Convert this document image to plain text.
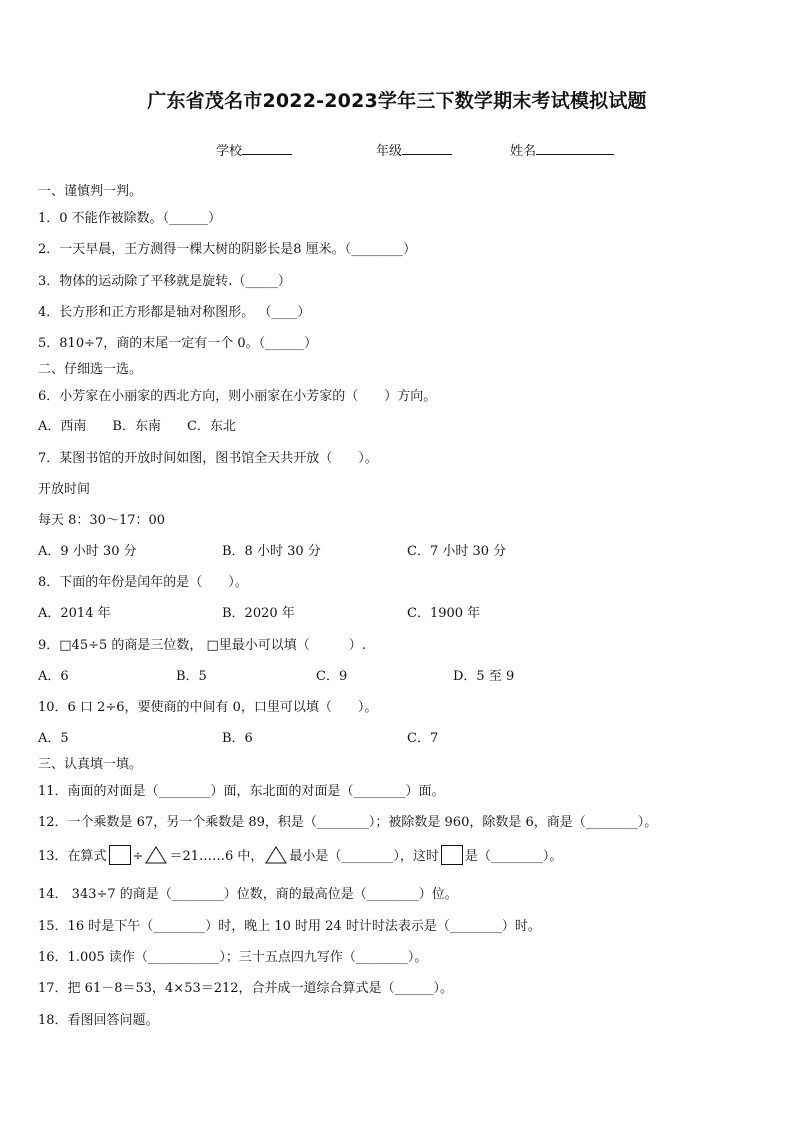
广东省茂名市2022-2023学年三下数学期末考试模拟试题
学校	年级	姓名
一、谨慎判一判。
1．0 不能作被除数。（______）
2．一天早晨，王方测得一棵大树的阴影长是8 厘米。（________）
3．物体的运动除了平移就是旋转.（_____）
4．长方形和正方形都是轴对称图形。 （____）
5．810÷7，商的末尾一定有一个 0。（______）
二、仔细选一选。
6．小芳家在小丽家的西北方向，则小丽家在小芳家的（　　）方向。
A．西南　　B．东南　　C．东北
7．某图书馆的开放时间如图，图书馆全天共开放（　　）。
开放时间
每天 8：30～17：00
A．9 小时 30 分	B．8 小时 30 分	C．7 小时 30 分
8．下面的年份是闰年的是（　　）。
A．2014 年	B．2020 年	C．1900 年
9．□45÷5 的商是三位数， □里最小可以填（　　　）.
A．6	B．5	C．9	D．5 至 9
10．6 口 2÷6，要使商的中间有 0，口里可以填（　　）。
A．5	B．6	C．7
三、认真填一填。
11．南面的对面是（________）面，东北面的对面是（________）面。
12．一个乘数是 67，另一个乘数是 89，积是（________）；被除数是 960，除数是 6，商是（________）。
13．在算式 ÷ ＝21……6 中， 最小是（________），这时 是（________）。
14． 343÷7 的商是（________）位数，商的最高位是（________）位。
15．16 时是下午（________）时，晚上 10 时用 24 时计时法表示是（________）时。
16．1.005 读作（___________）；三十五点四九写作（________）。
17．把 61－8＝53，4×53＝212，合并成一道综合算式是（______）。
18．看图回答问题。
